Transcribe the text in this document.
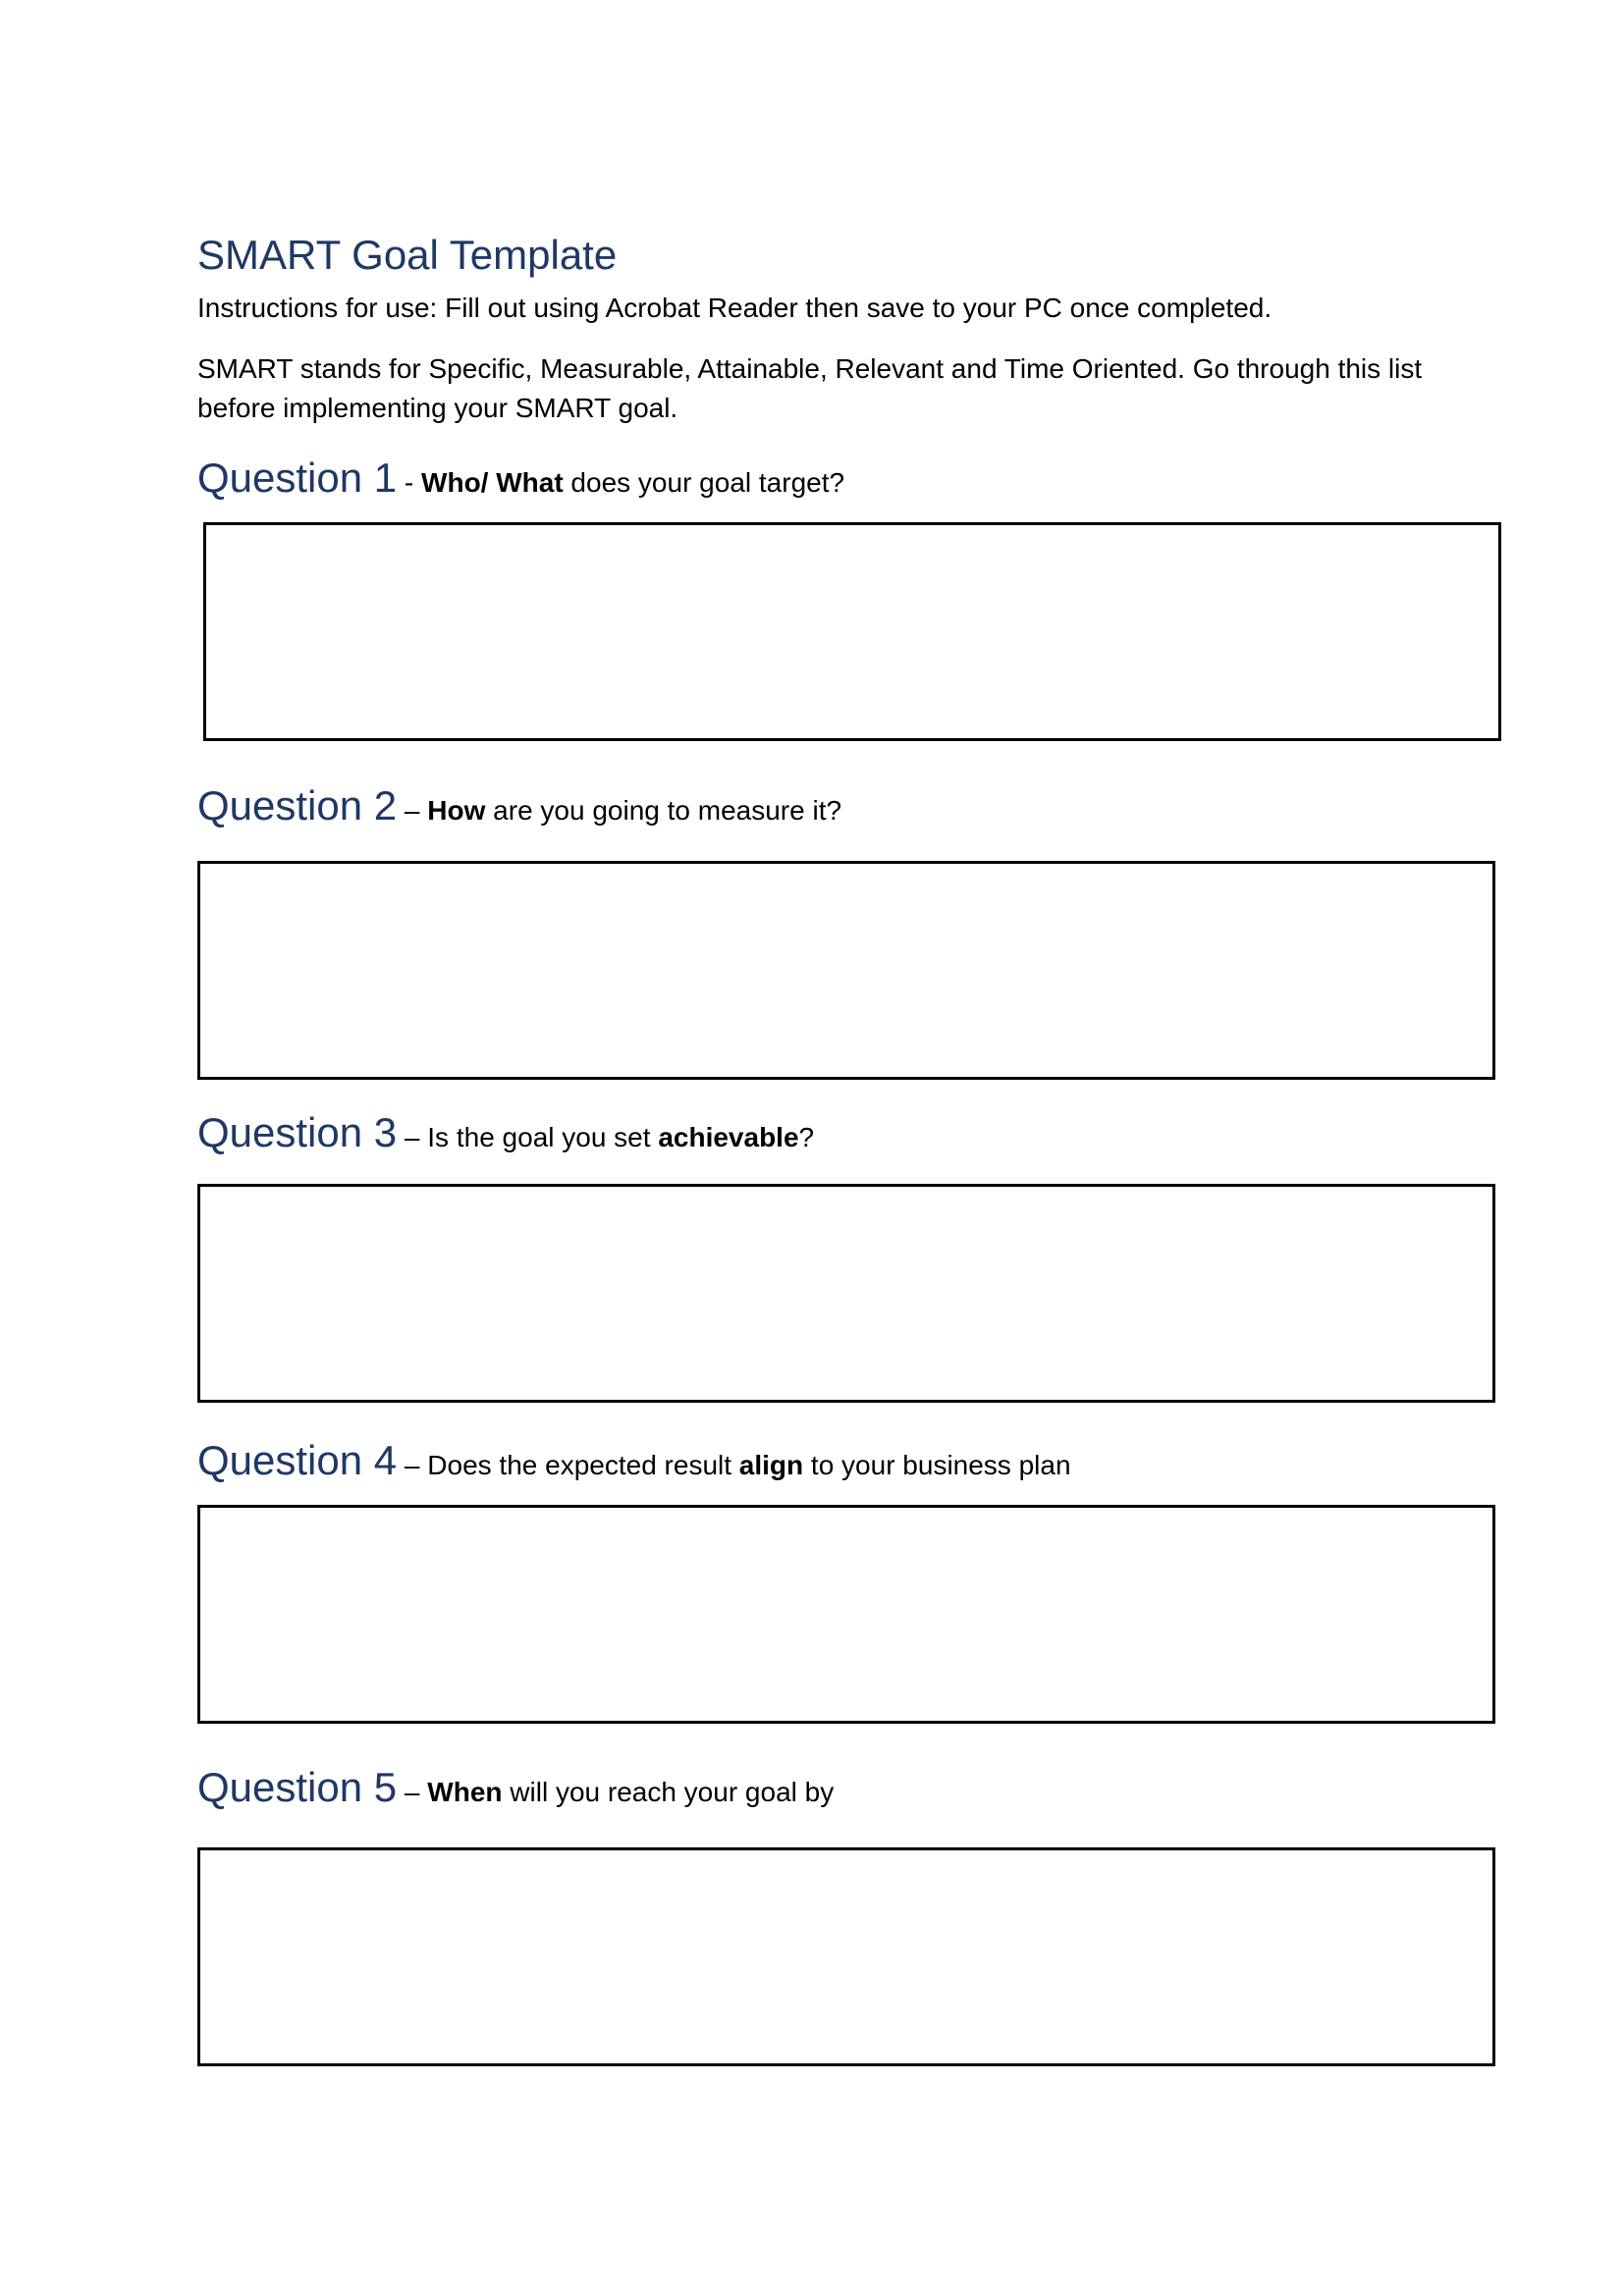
SMART Goal Template
Instructions for use: Fill out using Acrobat Reader then save to your PC once completed.
SMART stands for Specific, Measurable, Attainable, Relevant and Time Oriented. Go through this list
before implementing your SMART goal.
Question 1 - Who/ What does your goal target?
Question 2 – How are you going to measure it?
Question 3 – Is the goal you set achievable?
Question 4 – Does the expected result align to your business plan
Question 5 – When will you reach your goal by
